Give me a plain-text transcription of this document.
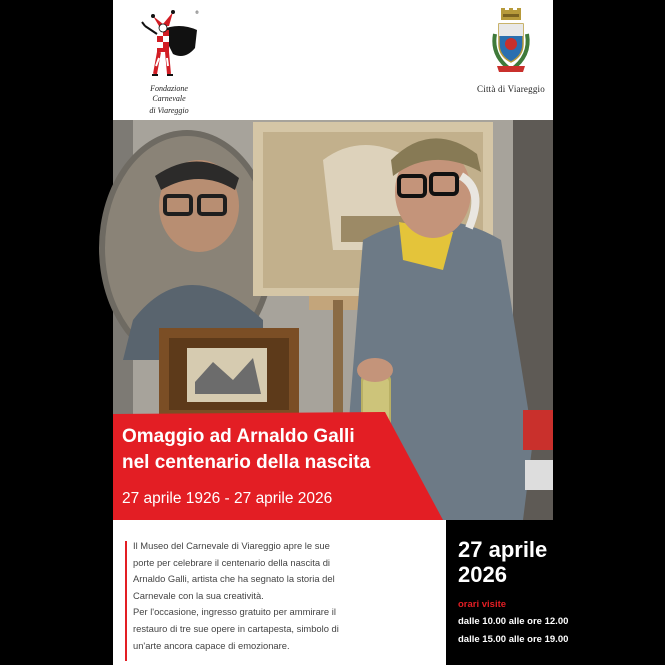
®
Fondazione Carnevale
di Viareggio
Città di Viareggio
Omaggio ad Arnaldo Galli
nel centenario della nascita
27 aprile 1926 - 27 aprile 2026

Il Museo del Carnevale di Viareggio apre le sue porte per celebrare il centenario della nascita di Arnaldo Galli, artista che ha segnato la storia del Carnevale con la sua creatività.

Per l'occasione, ingresso gratuito per ammirare il restauro di tre sue opere in cartapesta, simbolo di un'arte ancora capace di emozionare.

27 aprile
2026
orari visite
dalle 10.00 alle ore 12.00
dalle 15.00 alle ore 19.00
